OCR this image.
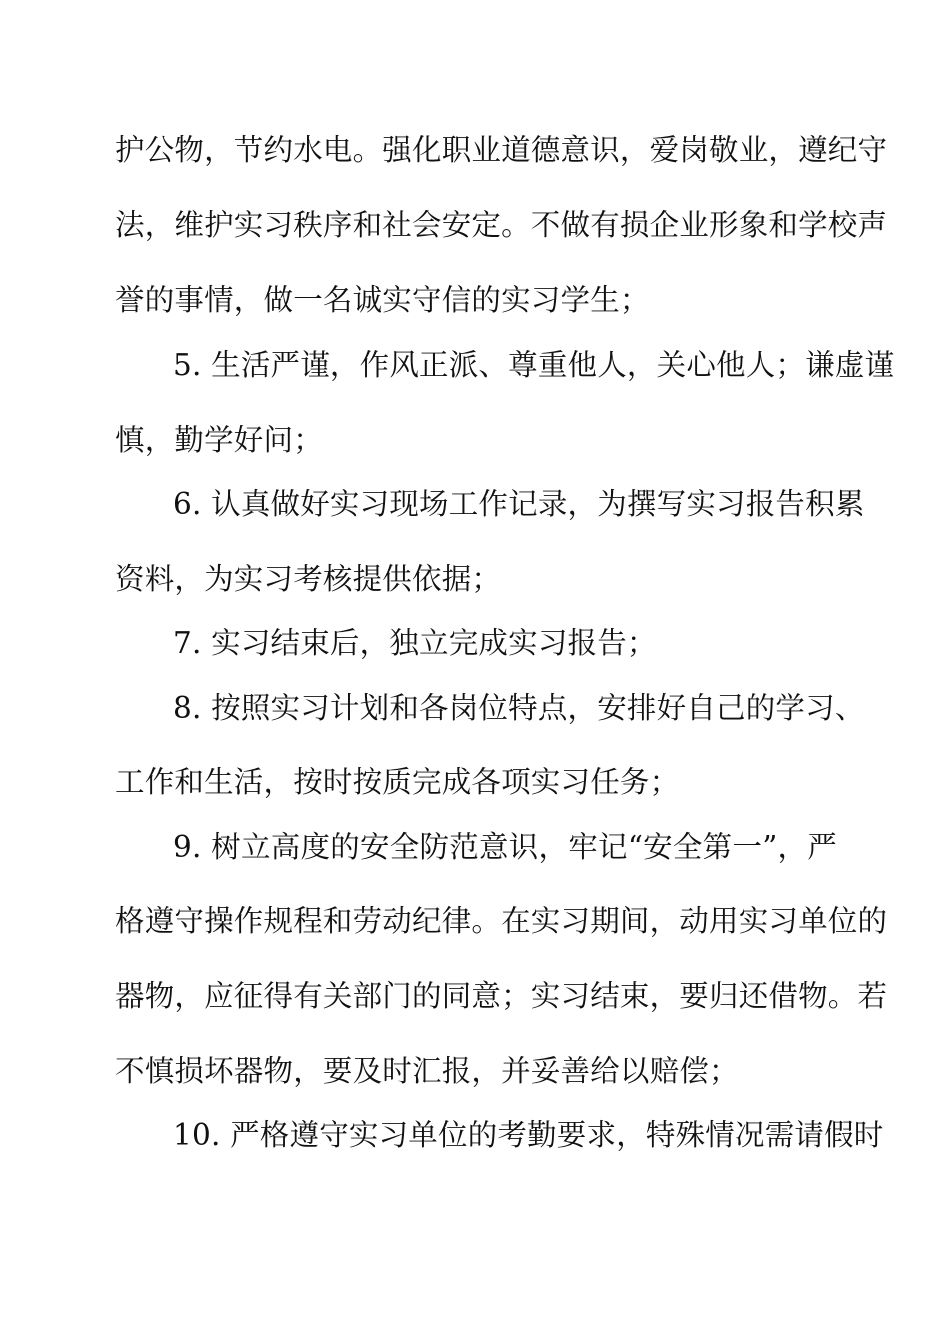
护公物，节约水电。强化职业道德意识，爱岗敬业，遵纪守
法，维护实习秩序和社会安定。不做有损企业形象和学校声
誉的事情，做一名诚实守信的实习学生；
5. 生活严谨，作风正派、尊重他人，关心他人；谦虚谨
慎，勤学好问；
6. 认真做好实习现场工作记录，为撰写实习报告积累
资料，为实习考核提供依据；
7. 实习结束后，独立完成实习报告；
8. 按照实习计划和各岗位特点，安排好自己的学习、
工作和生活，按时按质完成各项实习任务；
9. 树立高度的安全防范意识，牢记“安全第一”，严
格遵守操作规程和劳动纪律。在实习期间，动用实习单位的
器物，应征得有关部门的同意；实习结束，要归还借物。若
不慎损坏器物，要及时汇报，并妥善给以赔偿；
10. 严格遵守实习单位的考勤要求，特殊情况需请假时
